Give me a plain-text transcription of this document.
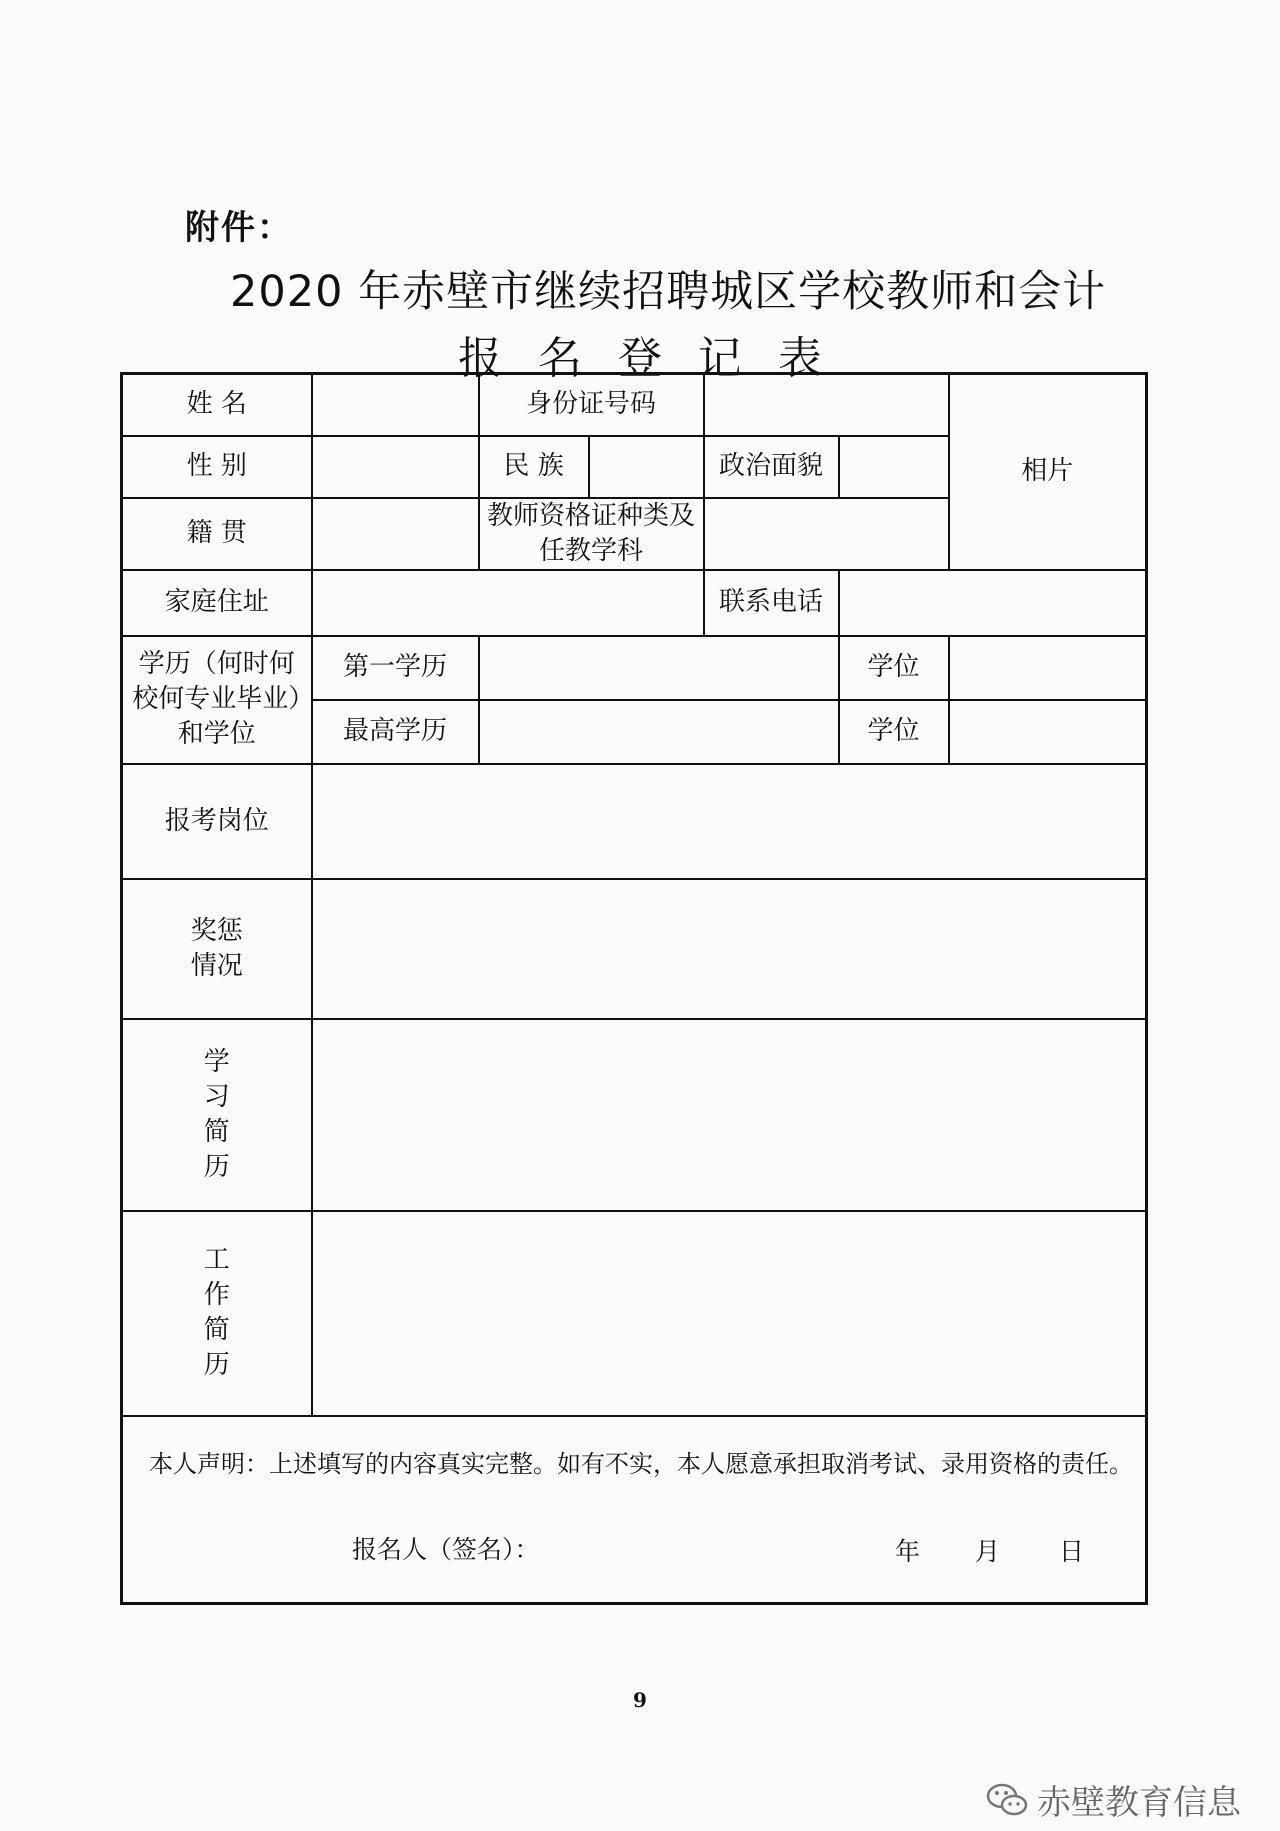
附件：
2020 年赤壁市继续招聘城区学校教师和会计
报名登记表
姓 名		身份证号码				相片
性 别		民 族		政治面貌		
籍 贯		教师资格证种类及任教学科				
家庭住址				联系电话		
学历（何时何校何专业毕业）和学位	第一学历				学位	
	最高学历				学位	
报考岗位						
奖惩情况						
学习简历						
工作简历						

本人声明：上述填写的内容真实完整。如有不实，本人愿意承担取消考试、录用资格的责任。
报名人（签名）： 年 月 日						
9
赤壁教育信息
